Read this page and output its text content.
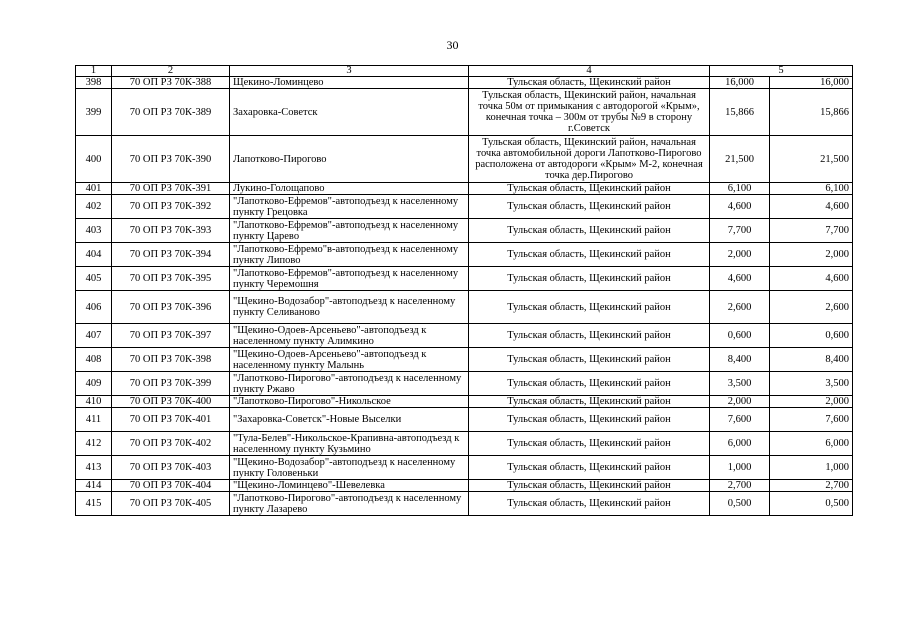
30
1	2	3	4	5	
398	70 ОП РЗ 70К-388	Щекино-Ломинцево	Тульская область, Щекинский район	16,000	16,000
399	70 ОП РЗ 70К-389	Захаровка-Советск	Тульская область, Щекинский район, начальная точка 50м от примыкания с автодорогой «Крым», конечная точка – 300м от трубы №9 в сторону г.Советск	15,866	15,866
400	70 ОП РЗ 70К-390	Лапотково-Пирогово	Тульская область, Щекинский район, начальная точка автомобильной дороги Лапотково-Пирогово расположена от автодороги «Крым» М-2, конечная точка дер.Пирогово	21,500	21,500
401	70 ОП РЗ 70К-391	Лукино-Голощапово	Тульская область, Щекинский район	6,100	6,100
402	70 ОП РЗ 70К-392	"Лапотково-Ефремов"-автоподъезд к населенному пункту Грецовка	Тульская область, Щекинский район	4,600	4,600
403	70 ОП РЗ 70К-393	"Лапотково-Ефремов"-автоподъезд к населенному пункту Царево	Тульская область, Щекинский район	7,700	7,700
404	70 ОП РЗ 70К-394	"Лапотково-Ефремо"в-автоподъезд к населенному пункту Липово	Тульская область, Щекинский район	2,000	2,000
405	70 ОП РЗ 70К-395	"Лапотково-Ефремов"-автоподъезд к населенному пункту Черемошня	Тульская область, Щекинский район	4,600	4,600
406	70 ОП РЗ 70К-396	"Щекино-Водозабор"-автоподъезд к населенному пункту Селиваново	Тульская область, Щекинский район	2,600	2,600
407	70 ОП РЗ 70К-397	"Щекино-Одоев-Арсеньево"-автоподъезд к населенному пункту Алимкино	Тульская область, Щекинский район	0,600	0,600
408	70 ОП РЗ 70К-398	"Щекино-Одоев-Арсеньево"-автоподъезд к населенному пункту Малынь	Тульская область, Щекинский район	8,400	8,400
409	70 ОП РЗ 70К-399	"Лапотково-Пирогово"-автоподъезд к населенному пункту Ржаво	Тульская область, Щекинский район	3,500	3,500
410	70 ОП РЗ 70К-400	"Лапотково-Пирогово"-Никольское	Тульская область, Щекинский район	2,000	2,000
411	70 ОП РЗ 70К-401	"Захаровка-Советск"-Новые Выселки	Тульская область, Щекинский район	7,600	7,600
412	70 ОП РЗ 70К-402	"Тула-Белев"-Никольское-Крапивна-автоподъезд к населенному пункту Кузьмино	Тульская область, Щекинский район	6,000	6,000
413	70 ОП РЗ 70К-403	"Щекино-Водозабор"-автоподъезд к населенному пункту Головеньки	Тульская область, Щекинский район	1,000	1,000
414	70 ОП РЗ 70К-404	"Щекино-Ломинцево"-Шевелевка	Тульская область, Щекинский район	2,700	2,700
415	70 ОП РЗ 70К-405	"Лапотково-Пирогово"-автоподъезд к населенному пункту Лазарево	Тульская область, Щекинский район	0,500	0,500
